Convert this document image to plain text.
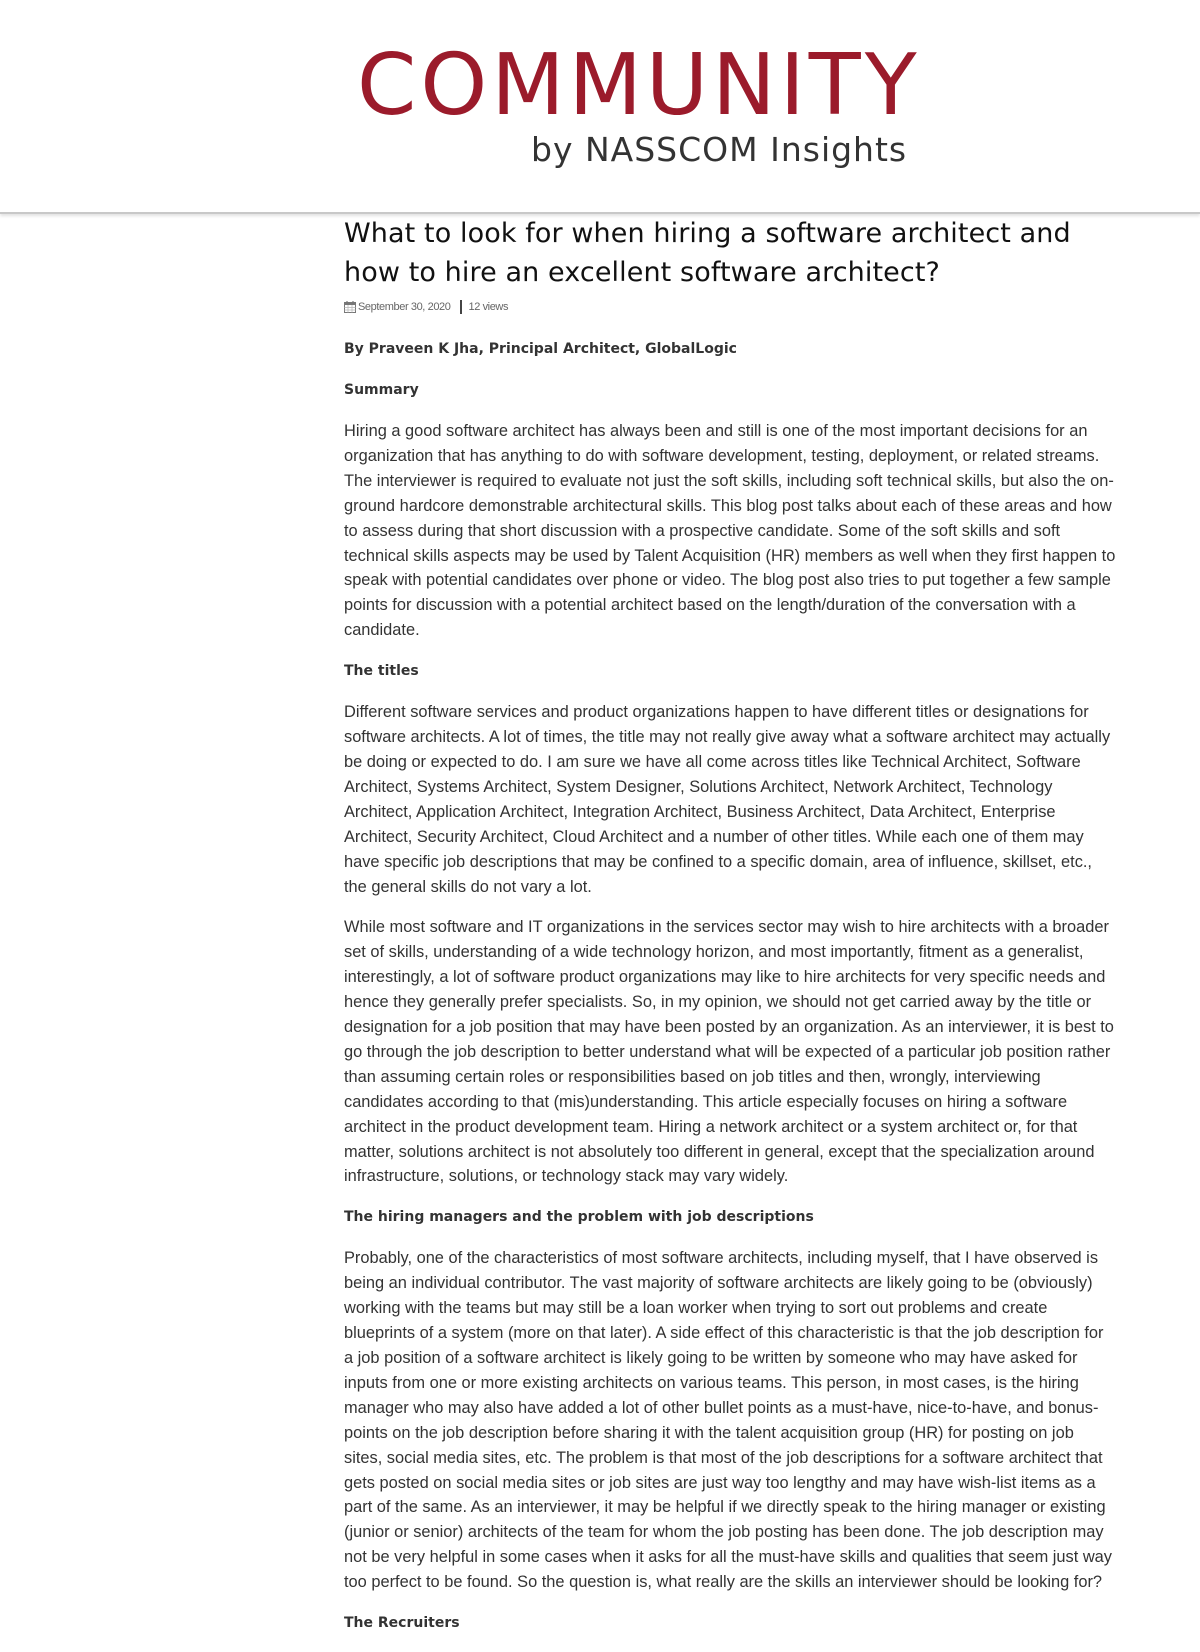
COMMUNITY
by NASSCOM Insights
What to look for when hiring a software architect and how to hire an excellent software architect?
September 30, 2020 12 views

By Praveen K Jha, Principal Architect, GlobalLogic

Summary

Hiring a good software architect has always been and still is one of the most important decisions for an organization that has anything to do with software development, testing, deployment, or related streams. The interviewer is required to evaluate not just the soft skills, including soft technical skills, but also the on-ground hardcore demonstrable architectural skills. This blog post talks about each of these areas and how to assess during that short discussion with a prospective candidate. Some of the soft skills and soft technical skills aspects may be used by Talent Acquisition (HR) members as well when they first happen to speak with potential candidates over phone or video. The blog post also tries to put together a few sample points for discussion with a potential architect based on the length/duration of the conversation with a candidate.

The titles

Different software services and product organizations happen to have different titles or designations for software architects. A lot of times, the title may not really give away what a software architect may actually be doing or expected to do. I am sure we have all come across titles like Technical Architect, Software Architect, Systems Architect, System Designer, Solutions Architect, Network Architect, Technology Architect, Application Architect, Integration Architect, Business Architect, Data Architect, Enterprise Architect, Security Architect, Cloud Architect and a number of other titles. While each one of them may have specific job descriptions that may be confined to a specific domain, area of influence, skillset, etc., the general skills do not vary a lot.

While most software and IT organizations in the services sector may wish to hire architects with a broader set of skills, understanding of a wide technology horizon, and most importantly, fitment as a generalist, interestingly, a lot of software product organizations may like to hire architects for very specific needs and hence they generally prefer specialists. So, in my opinion, we should not get carried away by the title or designation for a job position that may have been posted by an organization. As an interviewer, it is best to go through the job description to better understand what will be expected of a particular job position rather than assuming certain roles or responsibilities based on job titles and then, wrongly, interviewing candidates according to that (mis)understanding. This article especially focuses on hiring a software architect in the product development team. Hiring a network architect or a system architect or, for that matter, solutions architect is not absolutely too different in general, except that the specialization around infrastructure, solutions, or technology stack may vary widely.

The hiring managers and the problem with job descriptions

Probably, one of the characteristics of most software architects, including myself, that I have observed is being an individual contributor. The vast majority of software architects are likely going to be (obviously) working with the teams but may still be a loan worker when trying to sort out problems and create blueprints of a system (more on that later). A side effect of this characteristic is that the job description for a job position of a software architect is likely going to be written by someone who may have asked for inputs from one or more existing architects on various teams. This person, in most cases, is the hiring manager who may also have added a lot of other bullet points as a must-have, nice-to-have, and bonus-points on the job description before sharing it with the talent acquisition group (HR) for posting on job sites, social media sites, etc. The problem is that most of the job descriptions for a software architect that gets posted on social media sites or job sites are just way too lengthy and may have wish-list items as a part of the same. As an interviewer, it may be helpful if we directly speak to the hiring manager or existing (junior or senior) architects of the team for whom the job posting has been done. The job description may not be very helpful in some cases when it asks for all the must-have skills and qualities that seem just way too perfect to be found. So the question is, what really are the skills an interviewer should be looking for?

The Recruiters
